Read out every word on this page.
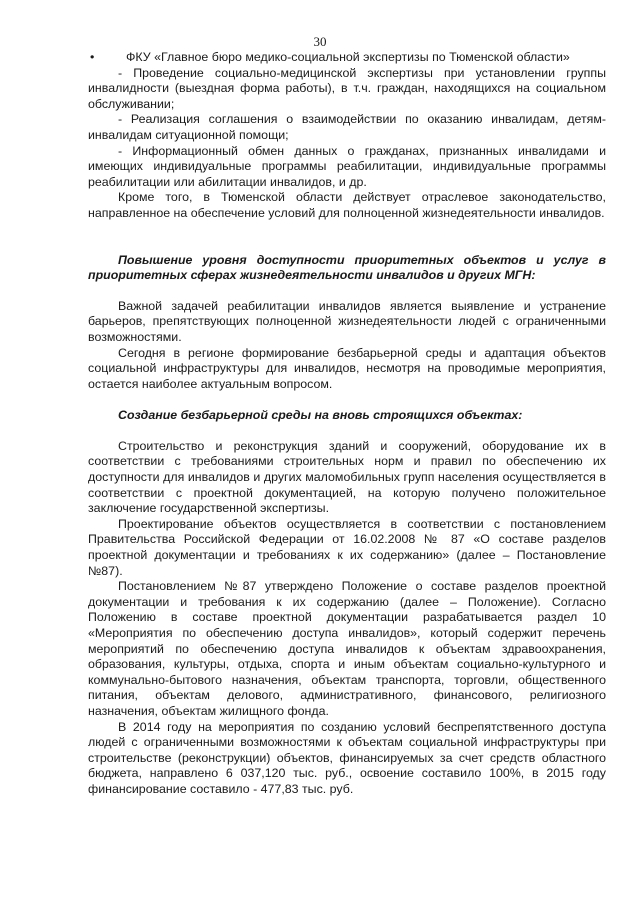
30
•	ФКУ «Главное бюро медико-социальной экспертизы по Тюменской области»

- Проведение социально-медицинской экспертизы при установлении группы инвалидности (выездная форма работы), в т.ч. граждан, находящихся на социальном обслуживании;

- Реализация соглашения о взаимодействии по оказанию инвалидам, детям-инвалидам ситуационной помощи;

- Информационный обмен данных о гражданах, признанных инвалидами и имеющих индивидуальные программы реабилитации, индивидуальные программы реабилитации или абилитации инвалидов, и др.

Кроме того, в Тюменской области действует отраслевое законодательство, направленное на обеспечение условий для полноценной жизнедеятельности инвалидов.

Повышение уровня доступности приоритетных объектов и услуг в приоритетных сферах жизнедеятельности инвалидов и других МГН:

Важной задачей реабилитации инвалидов является выявление и устранение барьеров, препятствующих полноценной жизнедеятельности людей с ограниченными возможностями.

Сегодня в регионе формирование безбарьерной среды и адаптация объектов социальной инфраструктуры для инвалидов, несмотря на проводимые мероприятия, остается наиболее актуальным вопросом.

Создание безбарьерной среды на вновь строящихся объектах:

Строительство и реконструкция зданий и сооружений, оборудование их в соответствии с требованиями строительных норм и правил по обеспечению их доступности для инвалидов и других маломобильных групп населения осуществляется в соответствии с проектной документацией, на которую получено положительное заключение государственной экспертизы.

Проектирование объектов осуществляется в соответствии с постановлением Правительства Российской Федерации от 16.02.2008 № 87 «О составе разделов проектной документации и требованиях к их содержанию» (далее – Постановление №87).

Постановлением №87 утверждено Положение о составе разделов проектной документации и требования к их содержанию (далее – Положение). Согласно Положению в составе проектной документации разрабатывается раздел 10 «Мероприятия по обеспечению доступа инвалидов», который содержит перечень мероприятий по обеспечению доступа инвалидов к объектам здравоохранения, образования, культуры, отдыха, спорта и иным объектам социально-культурного и коммунально-бытового назначения, объектам транспорта, торговли, общественного питания, объектам делового, административного, финансового, религиозного назначения, объектам жилищного фонда.

В 2014 году на мероприятия по созданию условий беспрепятственного доступа людей с ограниченными возможностями к объектам социальной инфраструктуры при строительстве (реконструкции) объектов, финансируемых за счет средств областного бюджета, направлено 6 037,120 тыс. руб., освоение составило 100%, в 2015 году финансирование составило - 477,83 тыс. руб.
